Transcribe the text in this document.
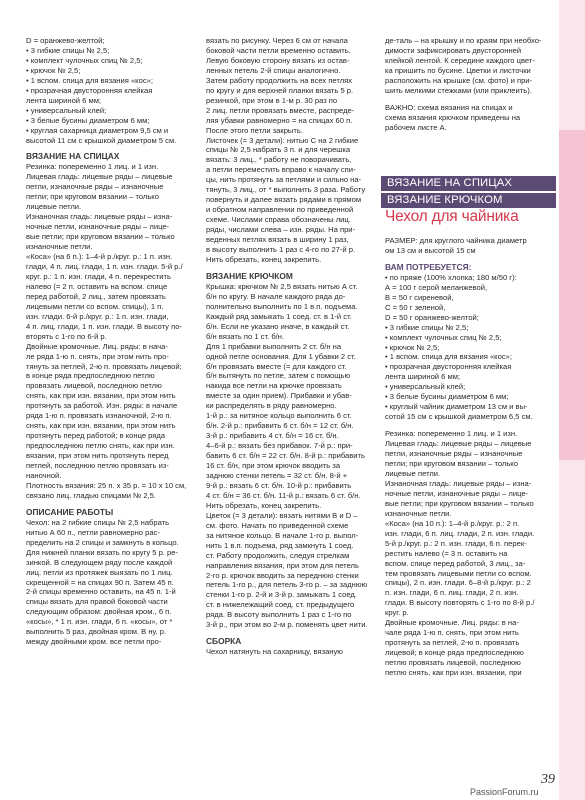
D = оранжево-желтой;

• 3 гибкие спицы № 2,5;

• комплект чулочных спиц № 2,5;

• крючок № 2,5;

• 1 вспом. спица для вязания «кос»;

• прозрачная двусторонняя клейкая

лента шириной 6 мм;

• универсальный клей;

• 3 белые бусины диаметром 6 мм;

• круглая сахарница диаметром 9,5 см и

высотой 11 см с крышкой диаметром 5 см.

ВЯЗАНИЕ НА СПИЦАХ

Резинка: попеременно 1 лиц. и 1 изн.

Лицевая гладь: лицевые ряды – лицевые

петли, изнаночные ряды – изнаночные

петли; при круговом вязании – только

лицевые петли.

Изнаночная гладь: лицевые ряды – изна-

ночные петли, изнаночные ряды – лице-

вые петли; при круговом вязании – только

изнаночные петли.

«Коса» (на 6 п.): 1–4-й р./круг. р.: 1 п. изн.

глади, 4 п. лиц. глади, 1 п. изн. глади. 5-й р./

круг. р.: 1 п. изн. глади, 4 п. перекрестить

налево (= 2 п. оставить на вспом. спице

перед работой, 2 лиц., затем провязать

лицевыми петли со вспом. спицы), 1 п.

изн. глади. 6-й р./круг. р.: 1 п. изн. глади,

4 п. лиц. глади, 1 п. изн. глади. В высоту по-

вторять с 1-го по 6-й р.

Двойные кромочные. Лиц. ряды: в нача-

ле ряда 1-ю п. снять, при этом нить про-

тянуть за петлей, 2-ю п. провязать лицевой;

в конце ряда предпоследнюю петлю

провязать лицевой, последнюю петлю

снять, как при изн. вязании, при этом нить

протянуть за работой. Изн. ряды: в начале

ряда 1-ю п. провязать изнаночной, 2-ю п.

снять, как при изн. вязании, при этом нить

протянуть перед работой; в конце ряда

предпоследнюю петлю снять, как при изн.

вязании, при этом нить протянуть перед

петлей, последнюю петлю провязать из-

наночной.

Плотность вязания: 25 п. х 35 р. = 10 х 10 см,

связано лиц. гладью спицами № 2,5.

ОПИСАНИЕ РАБОТЫ

Чехол: на 2 гибкие спицы № 2,5 набрать

нитью А 60 п., петли равномерно рас-

пределить на 2 спицы и замкнуть в кольцо.

Для нижней планки вязать по кругу 5 р. ре-

зинкой. В следующем ряду после каждой

лиц. петли из протяжек выязать по 1 лиц.

скрещенной = на спицах 90 п. Затем 45 п.

2-й спицы временно оставить, на 45 п. 1-й

спицы вязать для правой боковой части

следующим образом: двойная кром., 6 п.

«косы», * 1 п. изн. глади, 6 п. «косы», от *

выполнить 5 раз, двойная кром. В ну. р.

между двойными кром. все петли про-

вязать по рисунку. Через 6 см от начала

боковой части петли временно оставить.

Левую боковую сторону вязать из остав-

ленных петель 2-й спицы аналогично.

Затем работу продолжить на всех петлях

по кругу и для верхней планки вязать 5 р.

резинкой, при этом в 1-м р. 30 раз по

2 лиц. петли провязать вместе, распреде-

ляя убавки равномерно = на спицах 60 п.

После этого петли закрыть.

Листочек (= 3 детали): нитью С на 2 гибкие

спицы № 2,5 набрать 3 п. и для черешка

вязать: 3 лиц., * работу не поворачивать,

а петли переместить вправо к началу спи-

цы, нить протянуть за петлями и сильно на-

тянуть, 3 лиц., от * выполнить 3 раза. Работу

повернуть и далее вязать рядами в прямом

и обратном направлении по приведенной

схеме. Числами справа обозначены лиц.

ряды, числами слева – изн. ряды. На при-

веденных петлях вязать в ширину 1 раз,

в высоту выполнить 1 раз с 4-го по 27-й р.

Нить обрезать, конец закрепить.

ВЯЗАНИЕ КРЮЧКОМ

Крышка: крючком № 2,5 вязать нитью А ст.

б/н по кругу. В начале каждого ряда до-

полнительно выполнить по 1 в.п. подъема.

Каждый ряд замыкать 1 соед. ст. в 1-й ст.

б/н. Если не указано иначе, в каждый ст.

б/н вязать по 1 ст. б/н.

Для 1 прибавки выполнить 2 ст. б/н на

одной петле основания. Для 1 убавки 2 ст.

б/н провязать вместе (= для каждого ст.

б/н вытянуть по петле, затем с помощью

накида все петли на крючке провязать

вместе за один прием). Прибавки и убав-

ки распределять в ряду равномерно.

1-й р.: за нитяное кольцо выполнить 6 ст.

б/н. 2-й р.: прибавить 6 ст. б/н = 12 ст. б/н.

3-й р.: прибавить 4 ст. б/н = 16 ст. б/н.

4–6-й р.: вязать без прибавок. 7-й р.: при-

бавить 6 ст. б/н = 22 ст. б/н. 8-й р.: прибавить

16 ст. б/н, при этом крючок вводить за

заднюю стенки петель = 32 ст. б/н. 8-й +

9-й р.: вязать 6 ст. б/н. 10-й р.: прибавить

4 ст. б/н = 36 ст. б/н. 11-й р.: вязать 6 ст. б/н.

Нить обрезать, конец закрепить.

Цветок (= 3 детали): вязать нитями В и D –

см. фото. Начать по приведенной схеме

за нитяное кольцо. В начале 1-го р. выпол-

нить 1 в.п. подъема, ряд замкнуть 1 соед.

ст. Работу продолжить, следуя стрелкам

направления вязания, при этом для петель

2-го р. крючок вводить за переднюю стенки

петель 1-го р., для петель 3-го р. – за заднюю

стенки 1-го р. 2-й и 3-й р. замыкать 1 соед.

ст. в нижележащий соед. ст. предыдущего

ряда. В высоту выполнить 1 раз с 1-го по

3-й р., при этом во 2-м р. поменять цвет нити.

СБОРКА

Чехол натянуть на сахарницу, вязаную

де-таль – на крышку и по краям при необхо-

димости зафиксировать двусторонней

клейкой лентой. К середине каждого цвет-

ка пришить по бусине. Цветки и листочки

расположить на крышке (см. фото) и при-

шить мелкими стежками (или приклеить).

ВАЖНО: схема вязания на спицах и

схема вязания крючком приведены на

рабочем листе А.

ВЯЗАНИЕ НА СПИЦАХ
ВЯЗАНИЕ КРЮЧКОМ
Чехол для чайника

РАЗМЕР: для круглого чайника диаметр

ом 13 см и высотой 15 см

ВАМ ПОТРЕБУЕТСЯ:

• по пряже (100% хлопка; 180 м/50 г):

А = 100 г серой меланжевой,

В = 50 г сиреневой,

С = 50 г зеленой,

D = 50 г оранжево-желтой;

• 3 гибкие спицы № 2,5;

• комплект чулочных спиц № 2,5;

• крючок № 2,5;

• 1 вспом. спица для вязания «кос»;

• прозрачная двусторонняя клейкая

лента шириной 6 мм;

• универсальный клей;

• 3 белые бусины диаметром 6 мм;

• круглый чайник диаметром 13 см и вы-

сотой 15 см с крышкой диаметром 6,5 см.

Резинка: попеременно 1 лиц. и 1 изн.

Лицевая гладь: лицевые ряды – лицевые

петли, изнаночные ряды – изнаночные

петли; при круговом вязании – только

лицевые петли.

Изнаночная гладь: лицевые ряды – изна-

ночные петли, изнаночные ряды – лице-

вые петли; при круговом вязании – только

изнаночные петли.

«Коса» (на 10 п.): 1–4-й р./круг. р.: 2 п.

изн. глади, 6 п. лиц. глади, 2 п. изн. глади.

5-й р./круг. р.: 2 п. изн. глади, 6 п. перек-

рестить налево (= 3 п. оставить на

вспом. спице перед работой, 3 лиц., за-

тем провязать лицевыми петли со вспом.

спицы), 2 п. изн. глади. 6–8-й р./круг. р.: 2

п. изн. глади, 6 п. лиц. глади, 2 п. изн.

глади. В высоту повторять с 1-го по 8-й р./

круг. р.

Двойные кромочные. Лиц. ряды: в на-

чале ряда 1-ю п. снять, при этом нить

протянуть за петлей, 2-ю п. провязать

лицевой; в конце ряда предпоследнюю

петлю провязать лицевой, последнюю

петлю снять, как при изн. вязании, при

39
PassionForum.ru
